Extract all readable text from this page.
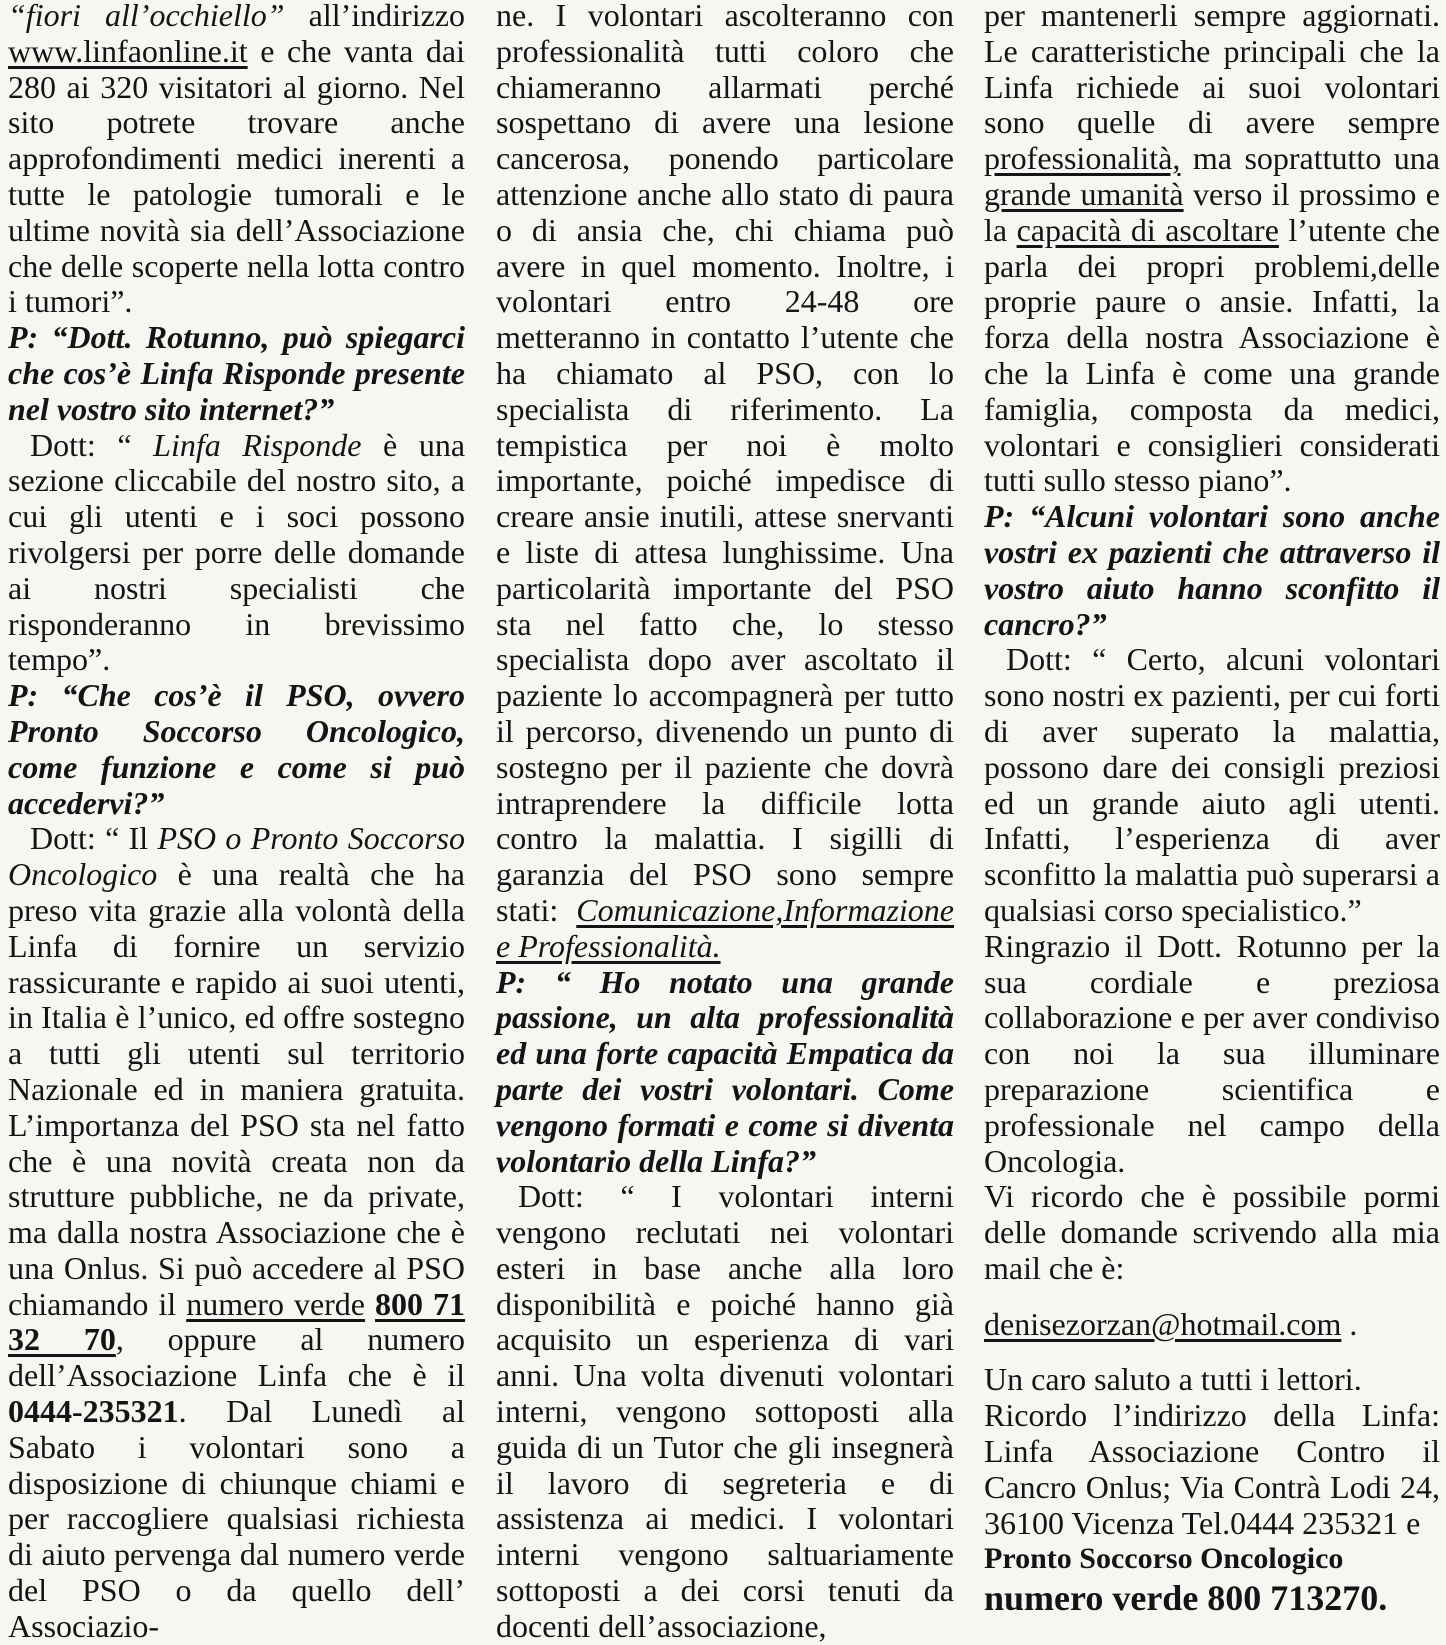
“fiori all’occhiello” all’indirizzo www.linfaonline.it e che vanta dai 280 ai 320 visitatori al giorno. Nel sito potrete trovare anche approfondimenti medici inerenti a tutte le patologie tumorali e le ultime novità sia dell’Associazione che delle scoperte nella lotta contro i tumori”.

P: “Dott. Rotunno, può spiegarci che cos’è Linfa Risponde presente nel vostro sito internet?”

Dott: “ Linfa Risponde è una sezione cliccabile del nostro sito, a cui gli utenti e i soci possono rivolgersi per porre delle domande ai nostri specialisti che risponderanno in brevissimo tempo”.

P: “Che cos’è il PSO, ovvero Pronto Soccorso Oncologico, come funzione e come si può accedervi?”

Dott: “ Il PSO o Pronto Soccorso Oncologico è una realtà che ha preso vita grazie alla volontà della Linfa di fornire un servizio rassicurante e rapido ai suoi utenti, in Italia è l’unico, ed offre sostegno a tutti gli utenti sul territorio Nazionale ed in maniera gratuita. L’importanza del PSO sta nel fatto che è una novità creata non da strutture pubbliche, ne da private, ma dalla nostra Associazione che è una Onlus. Si può accedere al PSO chiamando il numero verde 800 71 32 70, oppure al numero dell’Associazione Linfa che è il 0444-235321. Dal Lunedì al Sabato i volontari sono a disposizione di chiunque chiami e per raccogliere qualsiasi richiesta di aiuto pervenga dal numero verde del PSO o da quello dell’ Associazio-

ne. I volontari ascolteranno con professionalità tutti coloro che chiameranno allarmati perché sospettano di avere una lesione cancerosa, ponendo particolare attenzione anche allo stato di paura o di ansia che, chi chiama può avere in quel momento. Inoltre, i volontari entro 24-48 ore metteranno in contatto l’utente che ha chiamato al PSO, con lo specialista di riferimento. La tempistica per noi è molto importante, poiché impedisce di creare ansie inutili, attese snervanti e liste di attesa lunghissime. Una particolarità importante del PSO sta nel fatto che, lo stesso specialista dopo aver ascoltato il paziente lo accompagnerà per tutto il percorso, divenendo un punto di sostegno per il paziente che dovrà intraprendere la difficile lotta contro la malattia. I sigilli di garanzia del PSO sono sempre stati: Comunicazione,Informazione e Professionalità.

P: “ Ho notato una grande passione, un alta professionalità ed una forte capacità Empatica da parte dei vostri volontari. Come vengono formati e come si diventa volontario della Linfa?”

Dott: “ I volontari interni vengono reclutati nei volontari esteri in base anche alla loro disponibilità e poiché hanno già acquisito un esperienza di vari anni. Una volta divenuti volontari interni, vengono sottoposti alla guida di un Tutor che gli insegnerà il lavoro di segreteria e di assistenza ai medici. I volontari interni vengono saltuariamente sottoposti a dei corsi tenuti da docenti dell’associazione,

per mantenerli sempre aggiornati. Le caratteristiche principali che la Linfa richiede ai suoi volontari sono quelle di avere sempre professionalità, ma soprattutto una grande umanità verso il prossimo e la capacità di ascoltare l’utente che parla dei propri problemi,delle proprie paure o ansie. Infatti, la forza della nostra Associazione è che la Linfa è come una grande famiglia, composta da medici, volontari e consiglieri considerati tutti sullo stesso piano”.

P: “Alcuni volontari sono anche vostri ex pazienti che attraverso il vostro aiuto hanno sconfitto il cancro?”

Dott: “ Certo, alcuni volontari sono nostri ex pazienti, per cui forti di aver superato la malattia, possono dare dei consigli preziosi ed un grande aiuto agli utenti. Infatti, l’esperienza di aver sconfitto la malattia può superarsi a qualsiasi corso specialistico.”

Ringrazio il Dott. Rotunno per la sua cordiale e preziosa collaborazione e per aver condiviso con noi la sua illuminare preparazione scientifica e professionale nel campo della Oncologia.

Vi ricordo che è possibile pormi delle domande scrivendo alla mia mail che è:

denisezorzan@hotmail.com .

Un caro saluto a tutti i lettori.

Ricordo l’indirizzo della Linfa: Linfa Associazione Contro il Cancro Onlus; Via Contrà Lodi 24, 36100 Vicenza Tel.0444 235321 e

Pronto Soccorso Oncologico

numero verde 800 713270.
